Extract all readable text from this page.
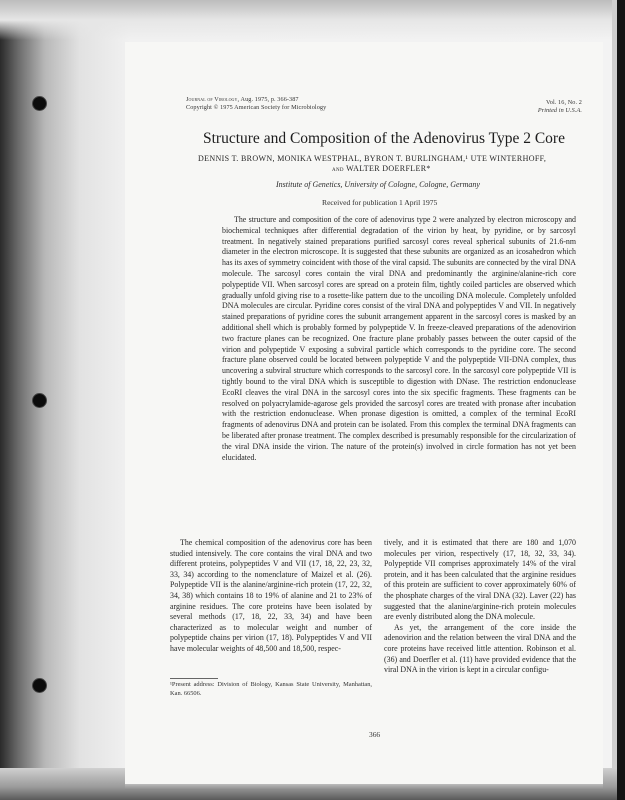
Journal of Virology, Aug. 1975, p. 366-387
Copyright © 1975 American Society for Microbiology
Vol. 16, No. 2
Printed in U.S.A.
Structure and Composition of the Adenovirus Type 2 Core
DENNIS T. BROWN, MONIKA WESTPHAL, BYRON T. BURLINGHAM,¹ UTE WINTERHOFF,
and WALTER DOERFLER*
Institute of Genetics, University of Cologne, Cologne, Germany
Received for publication 1 April 1975
The structure and composition of the core of adenovirus type 2 were analyzed by electron microscopy and biochemical techniques after differential degradation of the virion by heat, by pyridine, or by sarcosyl treatment. In negatively stained preparations purified sarcosyl cores reveal spherical subunits of 21.6-nm diameter in the electron microscope. It is suggested that these subunits are organized as an icosahedron which has its axes of symmetry coincident with those of the viral capsid. The subunits are connected by the viral DNA molecule. The sarcosyl cores contain the viral DNA and predominantly the arginine/alanine-rich core polypeptide VII. When sarcosyl cores are spread on a protein film, tightly coiled particles are observed which gradually unfold giving rise to a rosette-like pattern due to the uncoiling DNA molecule. Completely unfolded DNA molecules are circular. Pyridine cores consist of the viral DNA and polypeptides V and VII. In negatively stained preparations of pyridine cores the subunit arrangement apparent in the sarcosyl cores is masked by an additional shell which is probably formed by polypeptide V. In freeze-cleaved preparations of the adenovirion two fracture planes can be recognized. One fracture plane probably passes between the outer capsid of the virion and polypeptide V exposing a subviral particle which corresponds to the pyridine core. The second fracture plane observed could be located between polypeptide V and the polypeptide VII-DNA complex, thus uncovering a subviral structure which corresponds to the sarcosyl core. In the sarcosyl core polypeptide VII is tightly bound to the viral DNA which is susceptible to digestion with DNase. The restriction endonuclease EcoRI cleaves the viral DNA in the sarcosyl cores into the six specific fragments. These fragments can be resolved on polyacrylamide-agarose gels provided the sarcosyl cores are treated with pronase after incubation with the restriction endonuclease. When pronase digestion is omitted, a complex of the terminal EcoRI fragments of adenovirus DNA and protein can be isolated. From this complex the terminal DNA fragments can be liberated after pronase treatment. The complex described is presumably responsible for the circularization of the viral DNA inside the virion. The nature of the protein(s) involved in circle formation has not yet been elucidated.

The chemical composition of the adenovirus core has been studied intensively. The core contains the viral DNA and two different proteins, polypeptides V and VII (17, 18, 22, 23, 32, 33, 34) according to the nomenclature of Maizel et al. (26). Polypeptide VII is the alanine/arginine-rich protein (17, 22, 32, 34, 38) which contains 18 to 19% of alanine and 21 to 23% of arginine residues. The core proteins have been isolated by several methods (17, 18, 22, 33, 34) and have been characterized as to molecular weight and number of polypeptide chains per virion (17, 18). Polypeptides V and VII have molecular weights of 48,500 and 18,500, respec-

¹Present address: Division of Biology, Kansas State University, Manhattan, Kan. 66506.

tively, and it is estimated that there are 180 and 1,070 molecules per virion, respectively (17, 18, 32, 33, 34). Polypeptide VII comprises approximately 14% of the viral protein, and it has been calculated that the arginine residues of this protein are sufficient to cover approximately 60% of the phosphate charges of the viral DNA (32). Laver (22) has suggested that the alanine/arginine-rich protein molecules are evenly distributed along the DNA molecule.

As yet, the arrangement of the core inside the adenovirion and the relation between the viral DNA and the core proteins have received little attention. Robinson et al. (36) and Doerfler et al. (11) have provided evidence that the viral DNA in the virion is kept in a circular configu-

366
